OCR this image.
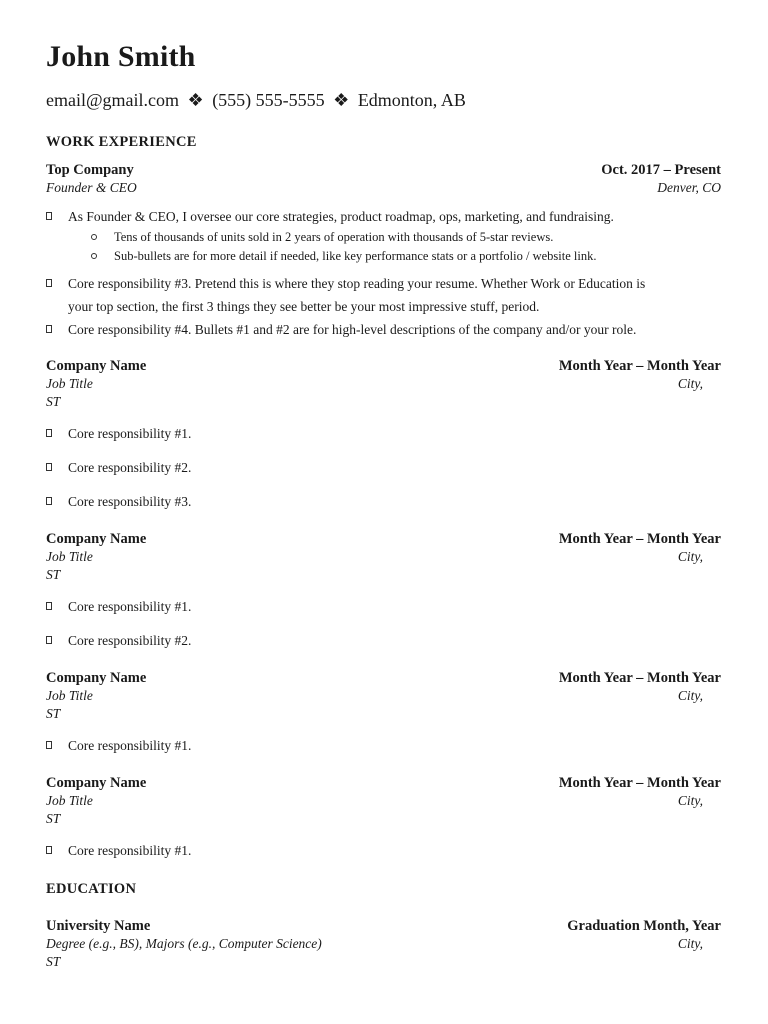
John Smith
email@gmail.com ❖ (555) 555-5555 ❖ Edmonton, AB
WORK EXPERIENCE
Top Company	Oct. 2017 – Present
Founder & CEO	Denver, CO
As Founder & CEO, I oversee our core strategies, product roadmap, ops, marketing, and fundraising.
Tens of thousands of units sold in 2 years of operation with thousands of 5-star reviews.
Sub-bullets are for more detail if needed, like key performance stats or a portfolio / website link.
Core responsibility #3. Pretend this is where they stop reading your resume. Whether Work or Education is
your top section, the first 3 things they see better be your most impressive stuff, period.
Core responsibility #4. Bullets #1 and #2 are for high-level descriptions of the company and/or your role.
Company Name	Month Year – Month Year
Job Title	City,
ST
Core responsibility #1.
Core responsibility #2.
Core responsibility #3.
Company Name	Month Year – Month Year
Job Title	City,
ST
Core responsibility #1.
Core responsibility #2.
Company Name	Month Year – Month Year
Job Title	City,
ST
Core responsibility #1.
Company Name	Month Year – Month Year
Job Title	City,
ST
Core responsibility #1.
EDUCATION
University Name	Graduation Month, Year
Degree (e.g., BS), Majors (e.g., Computer Science)	City,
ST
